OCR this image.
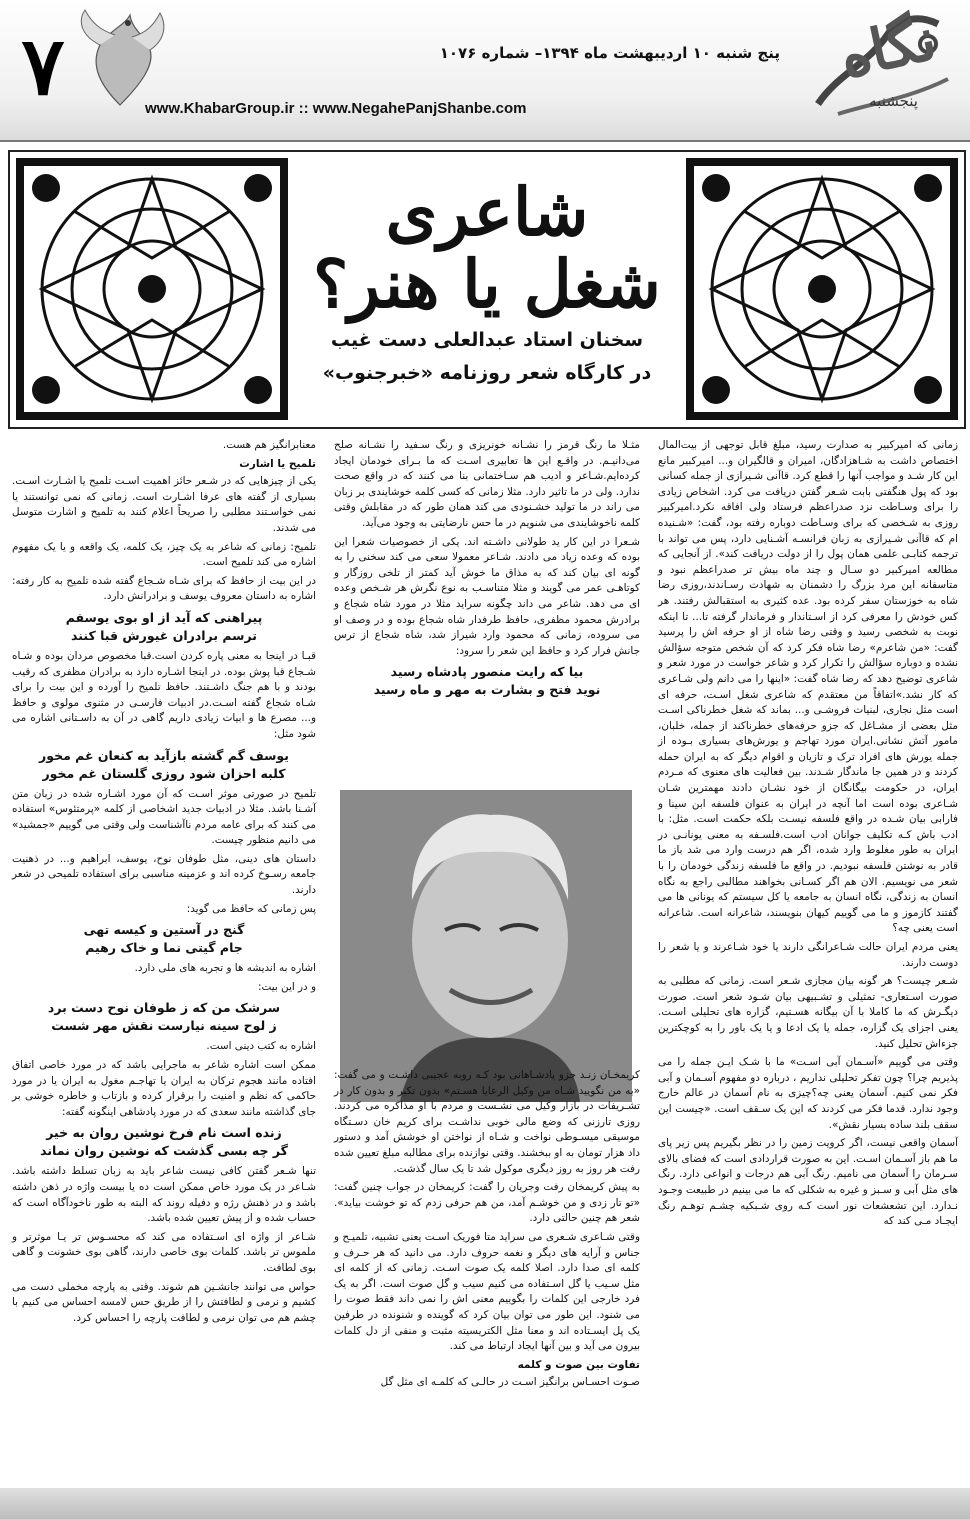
۷	نگاه
پنجشنبه
پنج شنبه ۱۰ اردیبهشت ماه ۱۳۹۴– شماره ۱۰۷۶
www.KhabarGroup.ir :: www.NegahePanjShanbe.com
شاعری
شغل یا هنر؟
سخنان استاد عبدالعلی دست غیب
در کارگاه شعر روزنامه «خبرجنوب»

زمانی که امیرکبیر به صدارت رسید، مبلغ قابل توجهی از بیت‌المال اختصاص داشت به شـاهزادگان، امیران و قالگیران و... امیرکبیر مانع این کار شـد و مواجب آنها را قطع کرد. قاآنی شـیرازی از جمله کسانی بود که پول هنگفتی بابت شـعر گفتن دریافت می کرد. اشخاص زیادی را برای وسـاطت نزد صدراعظم فرستاد ولی افاقه نکرد.امیرکبیر روزی به شـخصی که برای وسـاطت دوباره رفته بود، گفت: «شـنیده ام که قاآنی شـیرازی به زبان فرانسـه آشـنایی دارد، پس می تواند با ترجمه کتابـی علمی همان پول را از دولت دریافت کند». از آنجایی که مطالعه امیرکبیر دو سـال و چند ماه بیش تر صدراعظم نبود و متاسفانه این مرد بزرگ را دشمنان به شهادت رسـاندند،روزی رضا شاه به خوزستان سفر کرده بود. عده کثیری به استقبالش رفتند. هر کس خودش را معرفی کرد از اسـتاندار و فرماندار گرفته تا... تا اینکه نوبت به شخصی رسید و وقتی رضا شاه از او حرفه اش را پرسید گفت: «من شاعرم» رضا شاه فکر کرد که آن شخص متوجه سؤالش نشده و دوباره سؤالش را تکرار کرد و شاعر خواست در مورد شعر و شاعری توضیح دهد که رضا شاه گفت: «اینها را می دانم ولی شـاعری که کار نشد.»اتفاقاً من معتقدم که شاعری شغل اسـت، حرفه ای است مثل نجاری، لبنیات فروشـی و... بماند که شغل خطرناکی اسـت مثل بعضی از مشـاغل که جزو حرفه‌های خطرناکند از جمله، خلبان، مامور آتش نشانی.ایران مورد تهاجم و یورش‌های بسیاری بـوده از جمله یورش های افراد ترک و تازیان و اقوام دیگر که به ایران حمله کردند و در همین جا ماندگار شـدند. بین فعالیت های معنوی که مـردم ایران، در حکومت بیگانگان از خود نشـان دادند مهمترین شـان شـاعری بوده است اما آنچه در ایران به عنوان فلسفه ابن سینا و فارابی بیان شـده در واقع فلسفه نیسـت بلکه حکمت است. مثل: با ادب باش کـه تکلیف جوانان ادب است.فلسـفه به معنی یونانـی در ایران به طور مغلوط وارد شده، اگر هم درست وارد می شد باز ما قادر به نوشتن فلسفه نبودیم. در واقع ما فلسفه زندگی خودمان را با شعر می نویسیم. الان هم اگر کسـانی بخواهند مطالبی راجع به نگاه انسان به زندگی، نگاه انسان به جامعه یا کل سیستم که یونانی ها می گفتند کازموز و ما می گوییم کیهان بنویسند، شاعرانه است. شاعرانه است یعنی چه؟

یعنی مردم ایران حالت شـاعرانگی دارند یا خود شـاعرند و یا شعر را دوست دارند.

شـعر چیست؟ هر گونه بیان مجازی شـعر است. زمانی که مطلبی به صورت اسـتعاری- تمثیلی و تشـبیهی بیان شـود شعر است. صورت دیگـرش که ما کاملا با آن بیگانه هسـتیم، گزاره های تحلیلی اسـت. یعنی اجزای یک گزاره، جمله یا یک ادعا و یا یک باور را به کوچکترین جزءاش تحلیل کنید.

وقتی می گوییم «آسـمان آبی اسـت» ما با شـک ایـن جمله را می پذیریم چرا؟ چون تفکر تحلیلی نداریم ، درباره دو مفهوم آسـمان و آبی فکر نمی کنیم. آسمان یعنی چه؟چیزی به نام آسمان در عالم خارج وجود ندارد. قدما فکر می کردند که این یک سـقف است. «چیست این سقف بلند ساده بسیار نقش».

آسمان واقعی نیست، اگر کرویت زمین را در نظر بگیریم پس زیر پای ما هم باز آسـمان اسـت. این به صورت قراردادی است که فضای بالای سـرمان را آسمان می نامیم. رنگ آبی هم درجات و انواعی دارد. رنگ های مثل آبی و سـبز و غیره به شکلی که ما می بینیم در طبیعت وجـود نـدارد. این تشعشعات نور است کـه روی شـبکیه چشـم توهـم رنگ ایجـاد مـی کند که

مثـلا ما رنگ قرمز را نشـانه خونریزی و رنگ سـفید را نشـانه صلح می‌دانیـم. در واقـع این ها تعابیری اسـت که ما بـرای خودمان ایجاد کرده‌ایم.شـاعر و ادیب هم سـاختمانی بنا می کنند که در واقع صحت ندارد. ولی در ما تاثیر دارد. مثلا زمانی که کسی کلمه خوشایندی بر زبان می راند در ما تولید خشـنودی می کند همان طور که در مقابلش وقتی کلمه ناخوشایندی می شنویم در ما حس نارضایتی به وجود می‌آید.

شـعرا در این کار ید طولانی داشـته اند. یکی از خصوصیات شعرا این بوده که وعده زیاد می دادند. شـاعر معمولا سعی می کند سخنی را به گونه ای بیان کند که به مذاق ما خوش آید کمتر از تلخی روزگار و کوتاهـی عمر می گویند و مثلا متناسـب به نوع نگرش هر شـخص وعده ای می دهد. شاعر می داند چگونه سراید مثلا در مورد شاه شجاع و برادرش محمود مظفری، حافظ طرفدار شاه شجاع بوده و در وصف او می سروده، زمانی که محمود وارد شیراز شد، شاه شجاع از ترس جانش فرار کرد و حافظ این شعر را سرود:

بیا که رایت منصور پادشاه رسید
نوید فتح و بشارت به مهر و ماه رسید

کریمخـان زنـد جزو پادشـاهانی بود کـه روبه عجیبی داشـت و می گفت: «به من نگویید شـاه من وکیل الرعایا هسـتم» بدون تکبر و بدون کار در تشـریفات در بازار وکیل می نشـست و مردم با او مذاکره می کردند. روزی تارزنی که وضع مالی خوبی نداشـت برای کریم خان دسـتگاه موسیقی میسـوطی نواخت و شـاه از نواختن او خوشش آمد و دستور داد هزار تومان به او ببخشند. وقتی نوازنده برای مطالبه مبلغ تعیین شده رفت هر روز به روز دیگری موکول شد تا یک سال گذشت.

به پیش کریمخان رفت وجریان را گفت: کریمخان در جواب چنین گفت: «تو تار زدی و من خوشـم آمد، من هم حرفی زدم که تو خوشت بیاید». شعر هم چنین حالتی دارد.

وقتی شـاعری شـعری می سراید متا فوریک اسـت یعنی تشبیه، تلمیـح و جناس و آرایه های دیگر و نغمه حروف دارد. می دانید که هر حـرف و کلمه ای صدا دارد. اصلا کلمه یک صوت اسـت. زمانی که از کلمه ای مثل سـیب یا گل اسـتفاده می کنیم سیب و گل صوت است. اگر به یک فرد خارجی این کلمات را بگوییم معنی اش را نمی داند فقط صوت را می شنود. این طور می توان بیان کرد که گوینده و شنونده در طرفین یک پل ایسـتاده اند و معنا مثل الکتریسیته مثبت و منفی از دل کلمات بیرون می آید و بین آنها ایجاد ارتباط می کند.

تفاوت بین صوت و کلمه

صـوت احسـاس برانگیز اسـت در حالـی که کلمـه ای مثل گل

معنابرانگیز هم هست.

تلمیح یا اشارت

یکی از چیزهایی که در شـعر حائز اهمیت اسـت تلمیح یا اشـارت اسـت. بسیاری از گفته های عرفا اشـارت است. زمانی که نمی توانستند یا نمی خواسـتند مطلبی را صریحاً اعلام کنند به تلمیح و اشارت متوسل می شدند.

تلمیح: زمانی که شاعر به یک چیز، یک کلمه، یک واقعه و یا یک مفهوم اشاره می کند تلمیح است.

در این بیت از حافظ که برای شـاه شـجاع گفته شده تلمیح به کار رفته: اشاره به داستان معروف یوسف و برادرانش دارد.

پیراهنی که آید از او بوی یوسفم
ترسم برادران غیورش قبا کنند

قبـا در اینجا به معنی پاره کردن است.قبا مخصوص مردان بوده و شـاه شـجاع قبا پوش بوده. در اینجا اشـاره دارد به برادران مظفری که رقیب بودند و با هم جنگ داشـتند. حافظ تلمیح را آورده و این بیت را برای شـاه شجاع گفته اسـت.در ادبیات فارسـی در مثنوی مولوی و حافظ و... مصرع ها و ابیات زیادی داریم گاهی در آن به داسـتانی اشاره می شود مثل:

یوسف گم گشته بازآید به کنعان غم مخور
کلبه احزان شود روزی گلستان غم مخور

تلمیح در صورتی موثر اسـت که آن مورد اشـاره شده در زبان متن آشـنا باشد. مثلا در ادبیات جدید اشخاصی از کلمه «پرمتئوس» استفاده می کنند که برای عامه مردم ناآشناست ولی وقتی می گوییم «جمشید» می دانیم منظور چیست.

داستان های دینی، مثل طوفان نوح، یوسف، ابراهیم و... در ذهنیت جامعه رسـوخ کرده اند و عزمینه مناسبی برای استفاده تلمیحی در شعر دارند.

پس زمانی که حافظ می گوید:

گنج در آستین و کیسه تهی
جام گیتی نما و خاک رهیم

اشاره به اندیشه ها و تجربه های ملی دارد.

و در این بیت:

سرشک من که ز طوفان نوح دست برد
ز لوح سینه نیارست نقش مهر شست

اشاره به کتب دینی است.

ممکن است اشاره شاعر به ماجرایی باشد که در مورد خاصی اتفاق افتاده مانند هجوم ترکان به ایران یا تهاجـم مغول به ایران یا در مورد حاکمی که نظم و امنیت را برقرار کرده و بازتاب و خاطره خوشی بر جای گذاشته مانند سعدی که در مورد پادشاهی اینگونه گفته:

زنده است نام فرخ نوشین روان به خیر
گر چه بسی گذشت که نوشین روان نماند

تنها شـعر گفتن کافی نیست شاعر باید به زبان تسلط داشته باشد. شـاعر در یک مورد خاص ممکن است ده یا بیست واژه در ذهن داشته باشد و در ذهنش رژه و دفیله روند که البته به طور ناخودآگاه است که حساب شده و از پیش تعیین شده باشد.

شـاعر از واژه ای اسـتفاده می کند که محسـوس تر یـا موثرتر و ملموس تر باشد. کلمات بوی خاصی دارند، گاهی بوی خشونت و گاهی بوی لطافت.

حواس می توانند جانشـین هم شوند. وقتی به پارچه مخملی دست می کشیم و نرمی و لطافتش را از طریق حس لامسه احساس می کنیم با چشم هم می توان نرمی و لطافت پارچه را احساس کرد.
